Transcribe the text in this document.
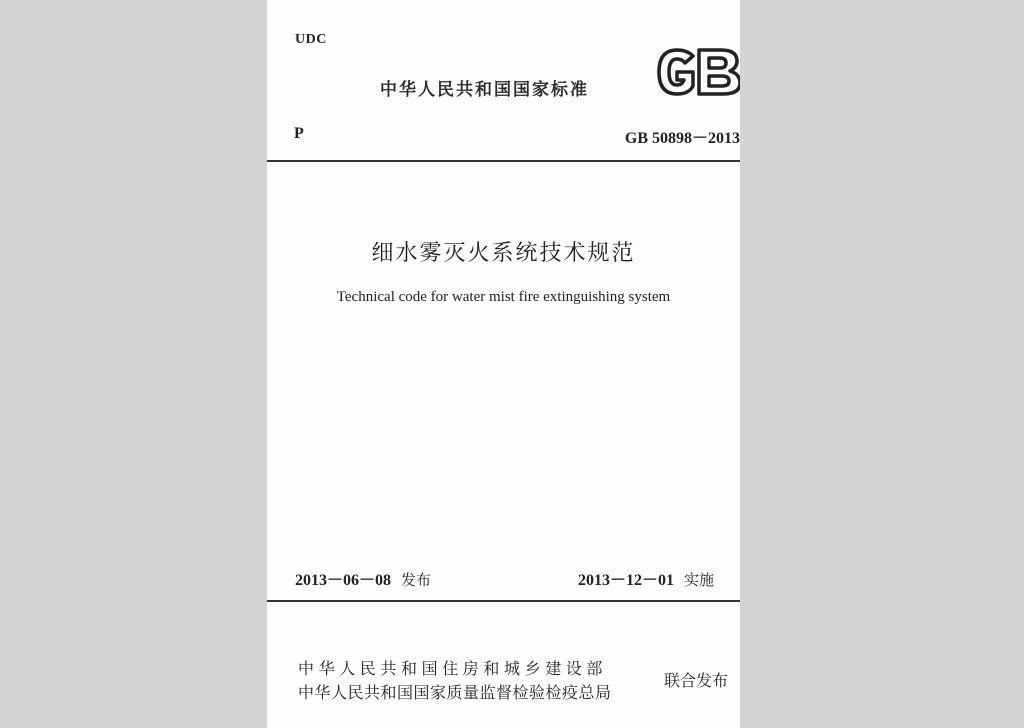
UDC
中华人民共和国国家标准
P	GB 50898－2013
细水雾灭火系统技术规范
Technical code for water mist fire extinguishing system
2013－06－08 发布	2013－12－01 实施
中华人民共和国住房和城乡建设部
中华人民共和国国家质量监督检验检疫总局
联合发布
